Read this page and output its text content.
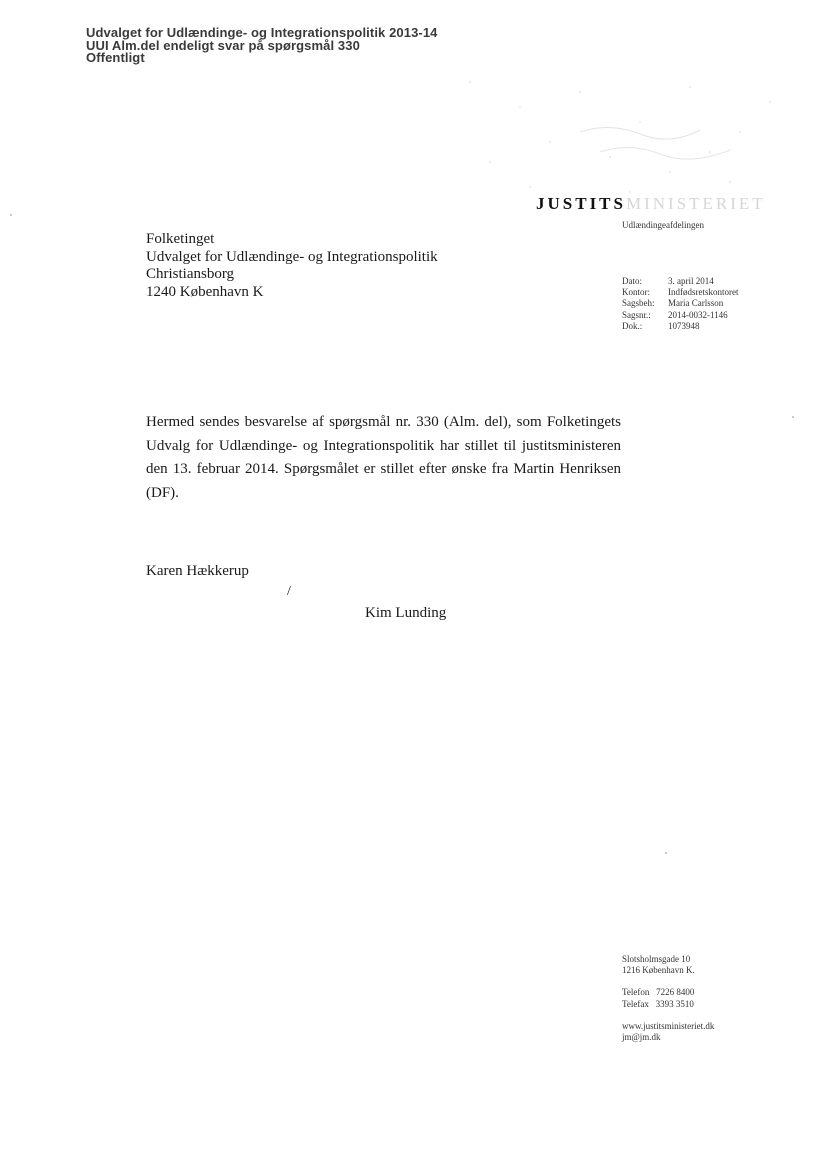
Udvalget for Udlændinge- og Integrationspolitik 2013-14
UUI Alm.del endeligt svar på spørgsmål 330
Offentligt
JUSTITSMINISTERIET
Udlændingeafdelingen
Folketinget
Udvalget for Udlændinge- og Integrationspolitik
Christiansborg
1240 København K
Dato:	3. april 2014
Kontor:	Indfødsretskontoret
Sagsbeh:	Maria Carlsson
Sagsnr.:	2014-0032-1146
Dok.:	1073948
Hermed sendes besvarelse af spørgsmål nr. 330 (Alm. del), som Folketingets Udvalg for Udlændinge- og Integrationspolitik har stillet til justitsministeren den 13. februar 2014. Spørgsmålet er stillet efter ønske fra Martin Henriksen (DF).
Karen Hækkerup
/
Kim Lunding
Slotsholmsgade 10
1216 København K.
Telefon   7226 8400
Telefax   3393 3510
www.justitsministeriet.dk
jm@jm.dk
